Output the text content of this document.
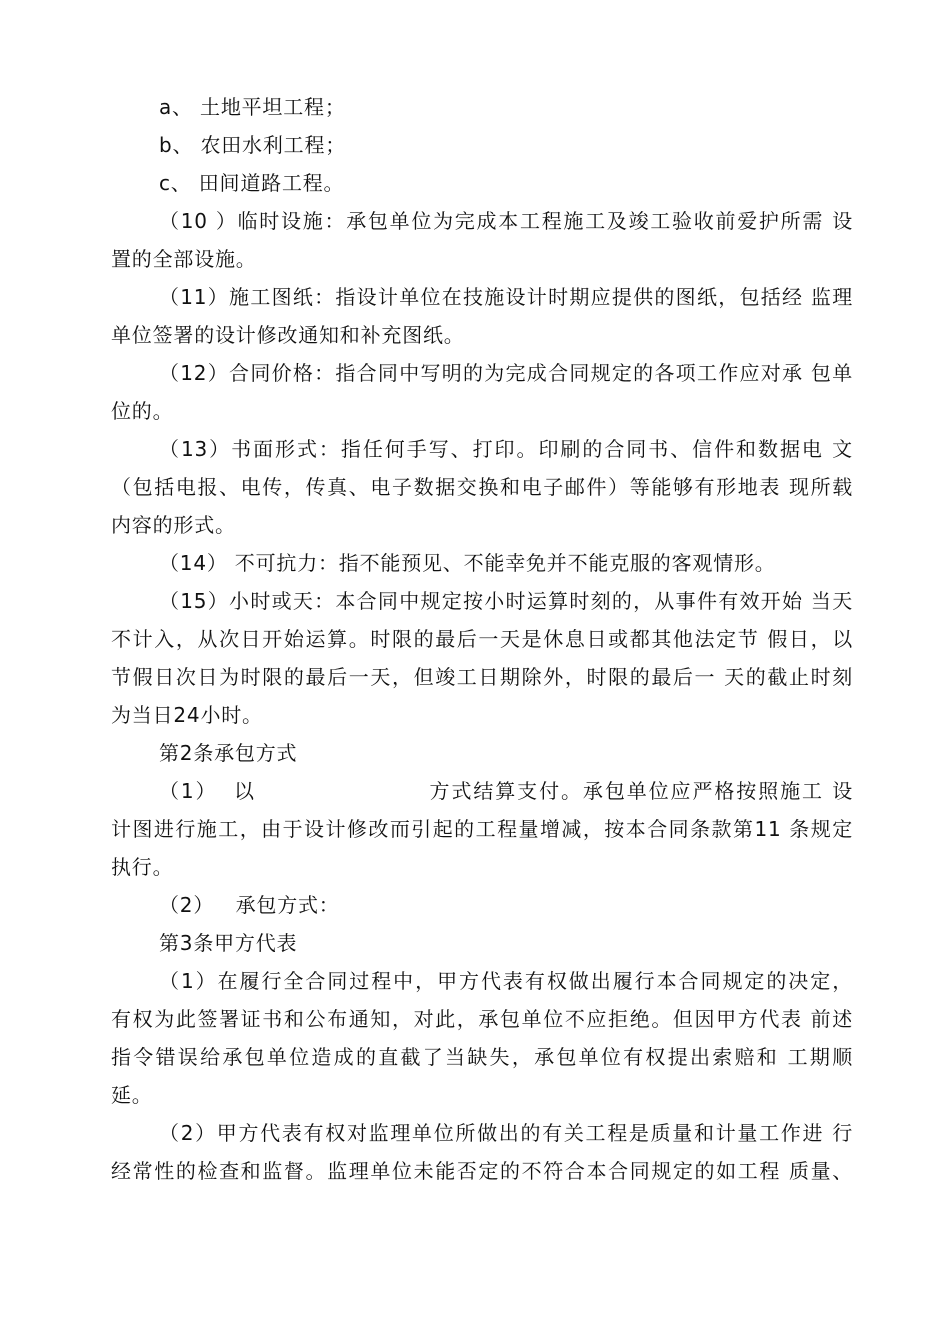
a、 土地平坦工程；
b、 农田水利工程；
c、 田间道路工程。
（10 ）临时设施：承包单位为完成本工程施工及竣工验收前爱护所需 设
置的全部设施。
（11）施工图纸：指设计单位在技施设计时期应提供的图纸，包括经 监理
单位签署的设计修改通知和补充图纸。
（12）合同价格：指合同中写明的为完成合同规定的各项工作应对承 包单
位的。
（13）书面形式：指任何手写、打印。印刷的合同书、信件和数据电 文
（包括电报、电传，传真、电子数据交换和电子邮件）等能够有形地表 现所载
内容的形式。
（14） 不可抗力：指不能预见、不能幸免并不能克服的客观情形。
（15）小时或天：本合同中规定按小时运算时刻的，从事件有效开始 当天
不计入，从次日开始运算。时限的最后一天是休息日或都其他法定节 假日，以
节假日次日为时限的最后一天，但竣工日期除外，时限的最后一 天的截止时刻
为当日24小时。
第2条承包方式
（1）  以                     方式结算支付。承包单位应严格按照施工 设
计图进行施工，由于设计修改而引起的工程量增减，按本合同条款第11 条规定
执行。
（2）   承包方式：
第3条甲方代表
（1）在履行全合同过程中，甲方代表有权做出履行本合同规定的决定，
有权为此签署证书和公布通知，对此，承包单位不应拒绝。但因甲方代表 前述
指令错误给承包单位造成的直截了当缺失，承包单位有权提出索赔和 工期顺
延。
（2）甲方代表有权对监理单位所做出的有关工程是质量和计量工作进 行
经常性的检查和监督。监理单位未能否定的不符合本合同规定的如工程 质量、
